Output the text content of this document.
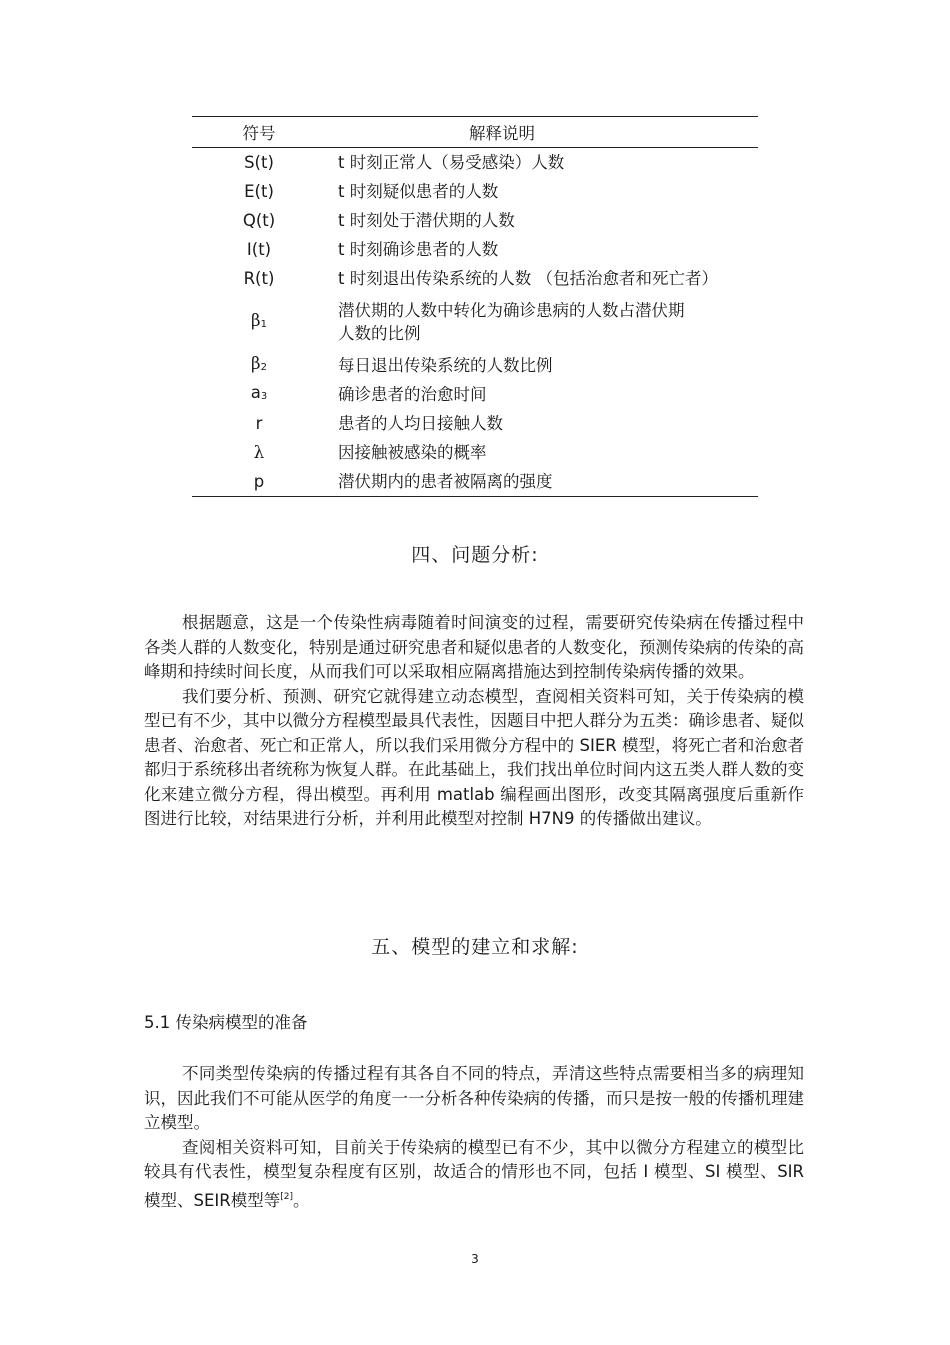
符号	解释说明
S(t)	t 时刻正常人（易受感染）人数
E(t)	t 时刻疑似患者的人数
Q(t)	t 时刻处于潜伏期的人数
I(t)	t 时刻确诊患者的人数
R(t)	t 时刻退出传染系统的人数 （包括治愈者和死亡者）
$\beta_1$	潜伏期的人数中转化为确诊患病的人数占潜伏期
人数的比例

$\beta_2$	每日退出传染系统的人数比例
$a_3$	确诊患者的治愈时间
r	患者的人均日接触人数
λ	因接触被感染的概率
p	潜伏期内的患者被隔离的强度
四、问题分析:

根据题意，这是一个传染性病毒随着时间演变的过程，需要研究传染病在传播过程中各类人群的人数变化，特别是通过研究患者和疑似患者的人数变化，预测传染病的传染的高峰期和持续时间长度，从而我们可以采取相应隔离措施达到控制传染病传播的效果。

我们要分析、预测、研究它就得建立动态模型，查阅相关资料可知，关于传染病的模型已有不少，其中以微分方程模型最具代表性，因题目中把人群分为五类：确诊患者、疑似患者、治愈者、死亡和正常人，所以我们采用微分方程中的 SIER 模型，将死亡者和治愈者都归于系统移出者统称为恢复人群。在此基础上，我们找出单位时间内这五类人群人数的变化来建立微分方程，得出模型。再利用 matlab 编程画出图形，改变其隔离强度后重新作图进行比较，对结果进行分析，并利用此模型对控制 H7N9 的传播做出建议。

五、模型的建立和求解:
5.1 传染病模型的准备

不同类型传染病的传播过程有其各自不同的特点，弄清这些特点需要相当多的病理知识，因此我们不可能从医学的角度一一分析各种传染病的传播，而只是按一般的传播机理建立模型。

查阅相关资料可知，目前关于传染病的模型已有不少，其中以微分方程建立的模型比较具有代表性，模型复杂程度有区别，故适合的情形也不同，包括 I 模型、SI 模型、SIR 模型、SEIR模型等[2]。

3
